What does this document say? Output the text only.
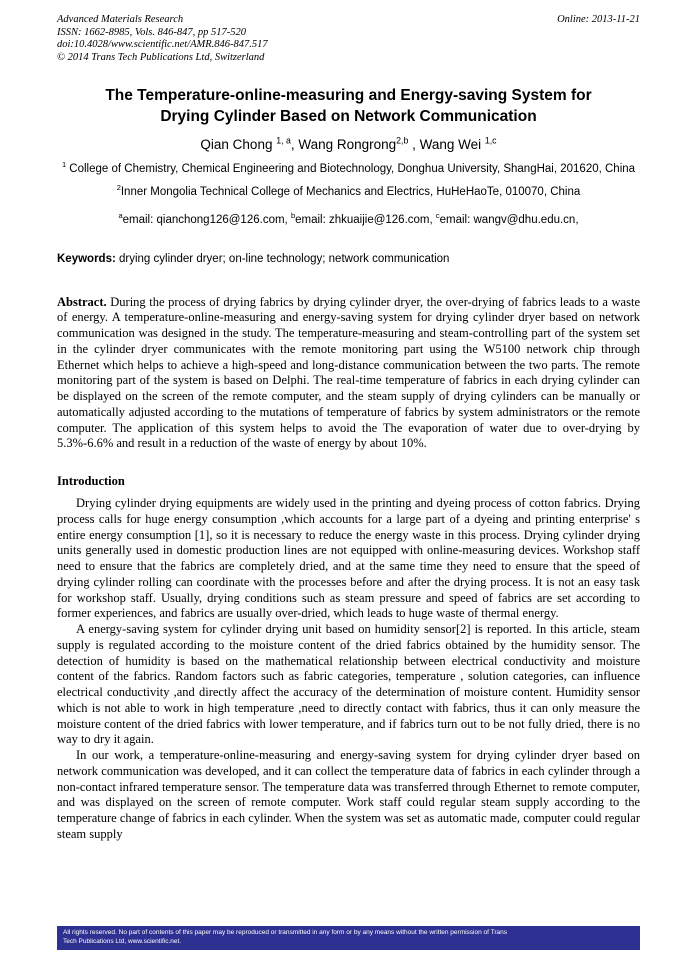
Advanced Materials Research	Online: 2013-11-21
ISSN: 1662-8985, Vols. 846-847, pp 517-520
doi:10.4028/www.scientific.net/AMR.846-847.517
© 2014 Trans Tech Publications Ltd, Switzerland
The Temperature-online-measuring and Energy-saving System for Drying Cylinder Based on Network Communication
Qian Chong $^{1, a}$, Wang Rongrong$^{2,b}$ , Wang Wei $^{1,c}$
$^1$ College of Chemistry, Chemical Engineering and Biotechnology, Donghua University, ShangHai, 201620, China
$^2$Inner Mongolia Technical College of Mechanics and Electrics, HuHeHaoTe, 010070, China
$^a$email: qianchong126@126.com, $^b$email: zhkuaijie@126.com, $^c$email: wangv@dhu.edu.cn,
Keywords: drying cylinder dryer; on-line technology; network communication

Abstract. During the process of drying fabrics by drying cylinder dryer, the over-drying of fabrics leads to a waste of energy. A temperature-online-measuring and energy-saving system for drying cylinder dryer based on network communication was designed in the study. The temperature-measuring and steam-controlling part of the system set in the cylinder dryer communicates with the remote monitoring part using the W5100 network chip through Ethernet which helps to achieve a high-speed and long-distance communication between the two parts. The remote monitoring part of the system is based on Delphi. The real-time temperature of fabrics in each drying cylinder can be displayed on the screen of the remote computer, and the steam supply of drying cylinders can be manually or automatically adjusted according to the mutations of temperature of fabrics by system administrators or the remote computer. The application of this system helps to avoid the The evaporation of water due to over-drying by 5.3%-6.6% and result in a reduction of the waste of energy by about 10%.

Introduction

Drying cylinder drying equipments are widely used in the printing and dyeing process of cotton fabrics. Drying process calls for huge energy consumption ,which accounts for a large part of a dyeing and printing enterprise' s entire energy consumption [1], so it is necessary to reduce the energy waste in this process. Drying cylinder drying units generally used in domestic production lines are not equipped with online-measuring devices. Workshop staff need to ensure that the fabrics are completely dried, and at the same time they need to ensure that the speed of drying cylinder rolling can coordinate with the processes before and after the drying process. It is not an easy task for workshop staff. Usually, drying conditions such as steam pressure and speed of fabrics are set according to former experiences, and fabrics are usually over-dried, which leads to huge waste of thermal energy.

A energy-saving system for cylinder drying unit based on humidity sensor[2] is reported. In this article, steam supply is regulated according to the moisture content of the dried fabrics obtained by the humidity sensor. The detection of humidity is based on the mathematical relationship between electrical conductivity and moisture content of the fabrics. Random factors such as fabric categories, temperature , solution categories, can influence electrical conductivity ,and directly affect the accuracy of the determination of moisture content. Humidity sensor which is not able to work in high temperature ,need to directly contact with fabrics, thus it can only measure the moisture content of the dried fabrics with lower temperature, and if fabrics turn out to be not fully dried, there is no way to dry it again.

In our work, a temperature-online-measuring and energy-saving system for drying cylinder dryer based on network communication was developed, and it can collect the temperature data of fabrics in each cylinder through a non-contact infrared temperature sensor. The temperature data was transferred through Ethernet to remote computer, and was displayed on the screen of remote computer. Work staff could regular steam supply according to the temperature change of fabrics in each cylinder. When the system was set as automatic made, computer could regular steam supply

All rights reserved. No part of contents of this paper may be reproduced or transmitted in any form or by any means without the written permission of Trans
Tech Publications Ltd, www.scientific.net.
